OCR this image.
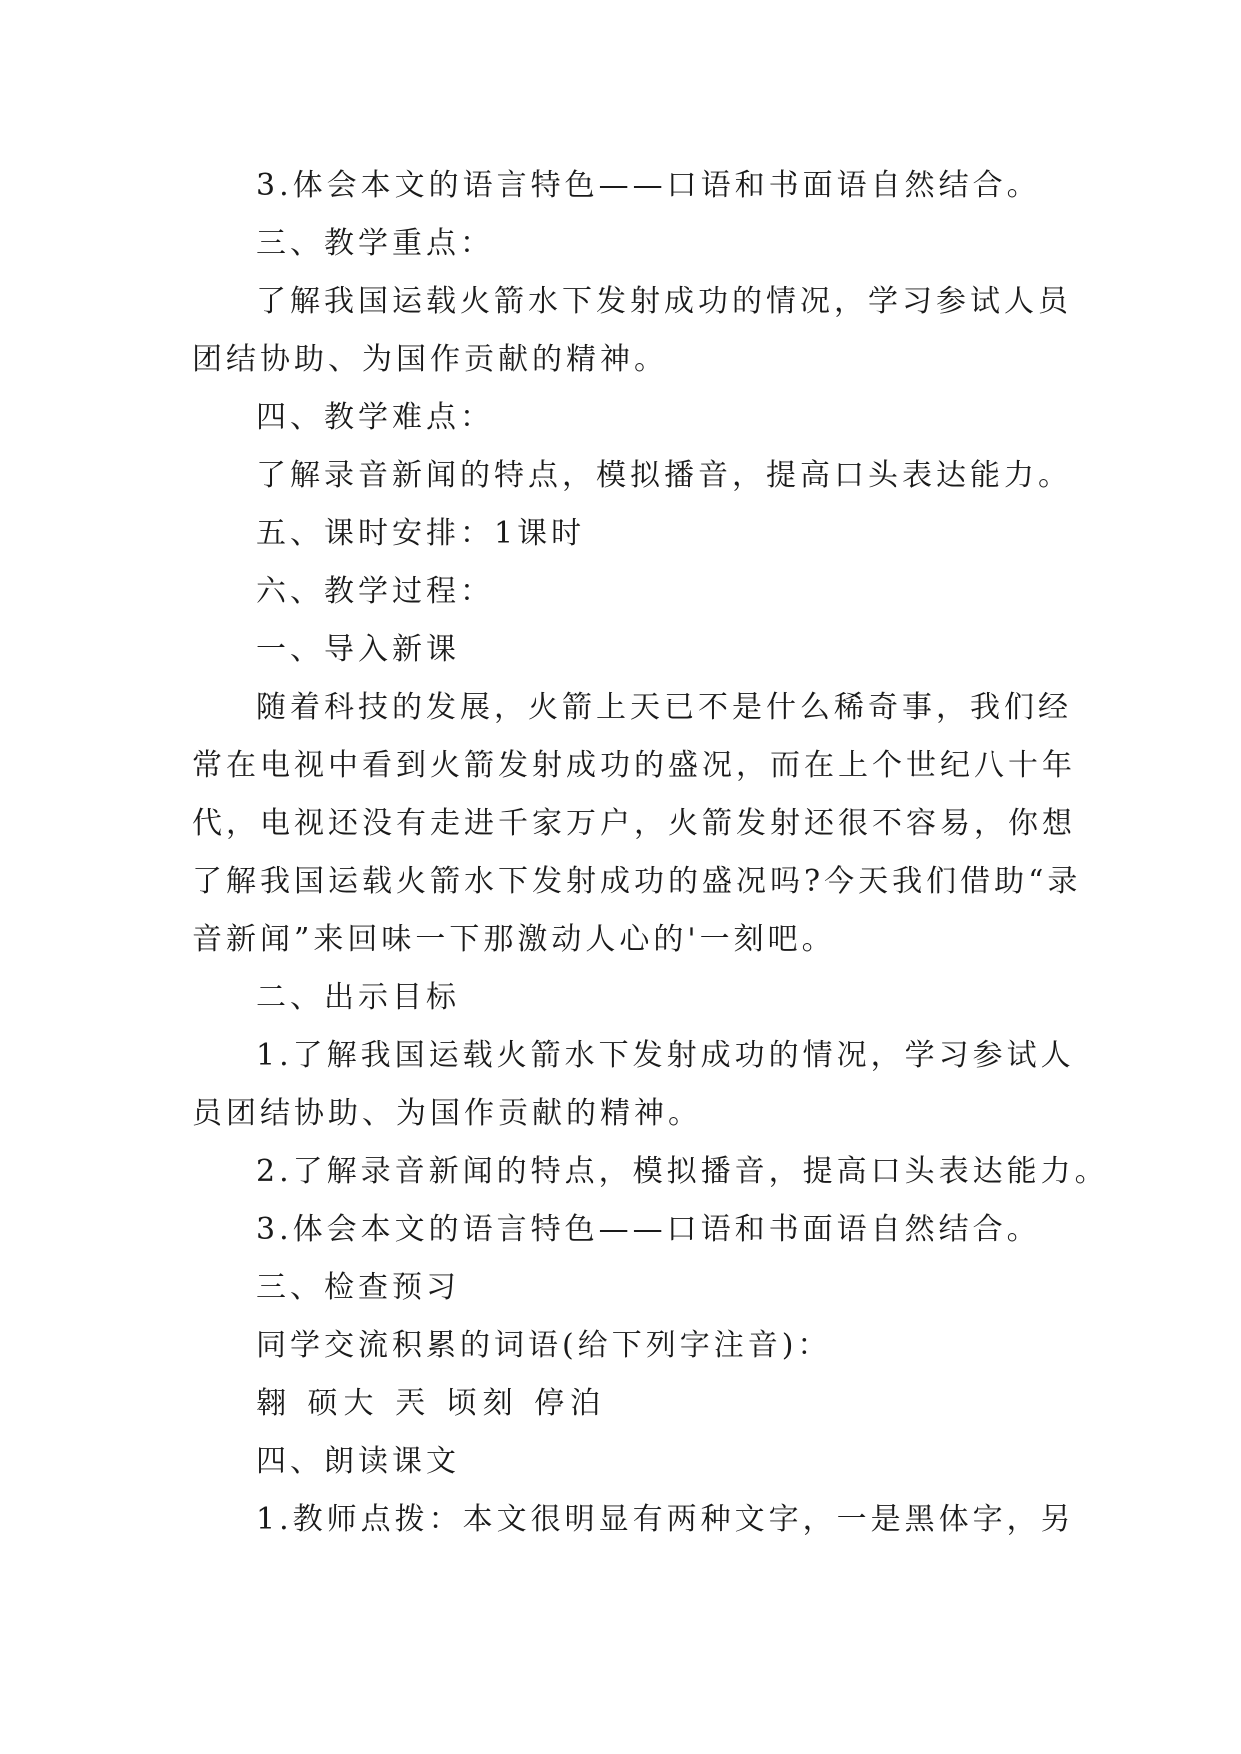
3.体会本文的语言特色——口语和书面语自然结合。
三、教学重点：
了解我国运载火箭水下发射成功的情况，学习参试人员
团结协助、为国作贡献的精神。
四、教学难点：
了解录音新闻的特点，模拟播音，提高口头表达能力。
五、课时安排：1课时
六、教学过程：
一、导入新课
随着科技的发展，火箭上天已不是什么稀奇事，我们经
常在电视中看到火箭发射成功的盛况，而在上个世纪八十年
代，电视还没有走进千家万户，火箭发射还很不容易，你想
了解我国运载火箭水下发射成功的盛况吗?今天我们借助“录
音新闻”来回味一下那激动人心的'一刻吧。
二、出示目标
1.了解我国运载火箭水下发射成功的情况，学习参试人
员团结协助、为国作贡献的精神。
2.了解录音新闻的特点，模拟播音，提高口头表达能力。
3.体会本文的语言特色——口语和书面语自然结合。
三、检查预习
同学交流积累的词语(给下列字注音)：
翱 硕大 兲 顷刻 停泊
四、朗读课文
1.教师点拨：本文很明显有两种文字，一是黑体字，另
